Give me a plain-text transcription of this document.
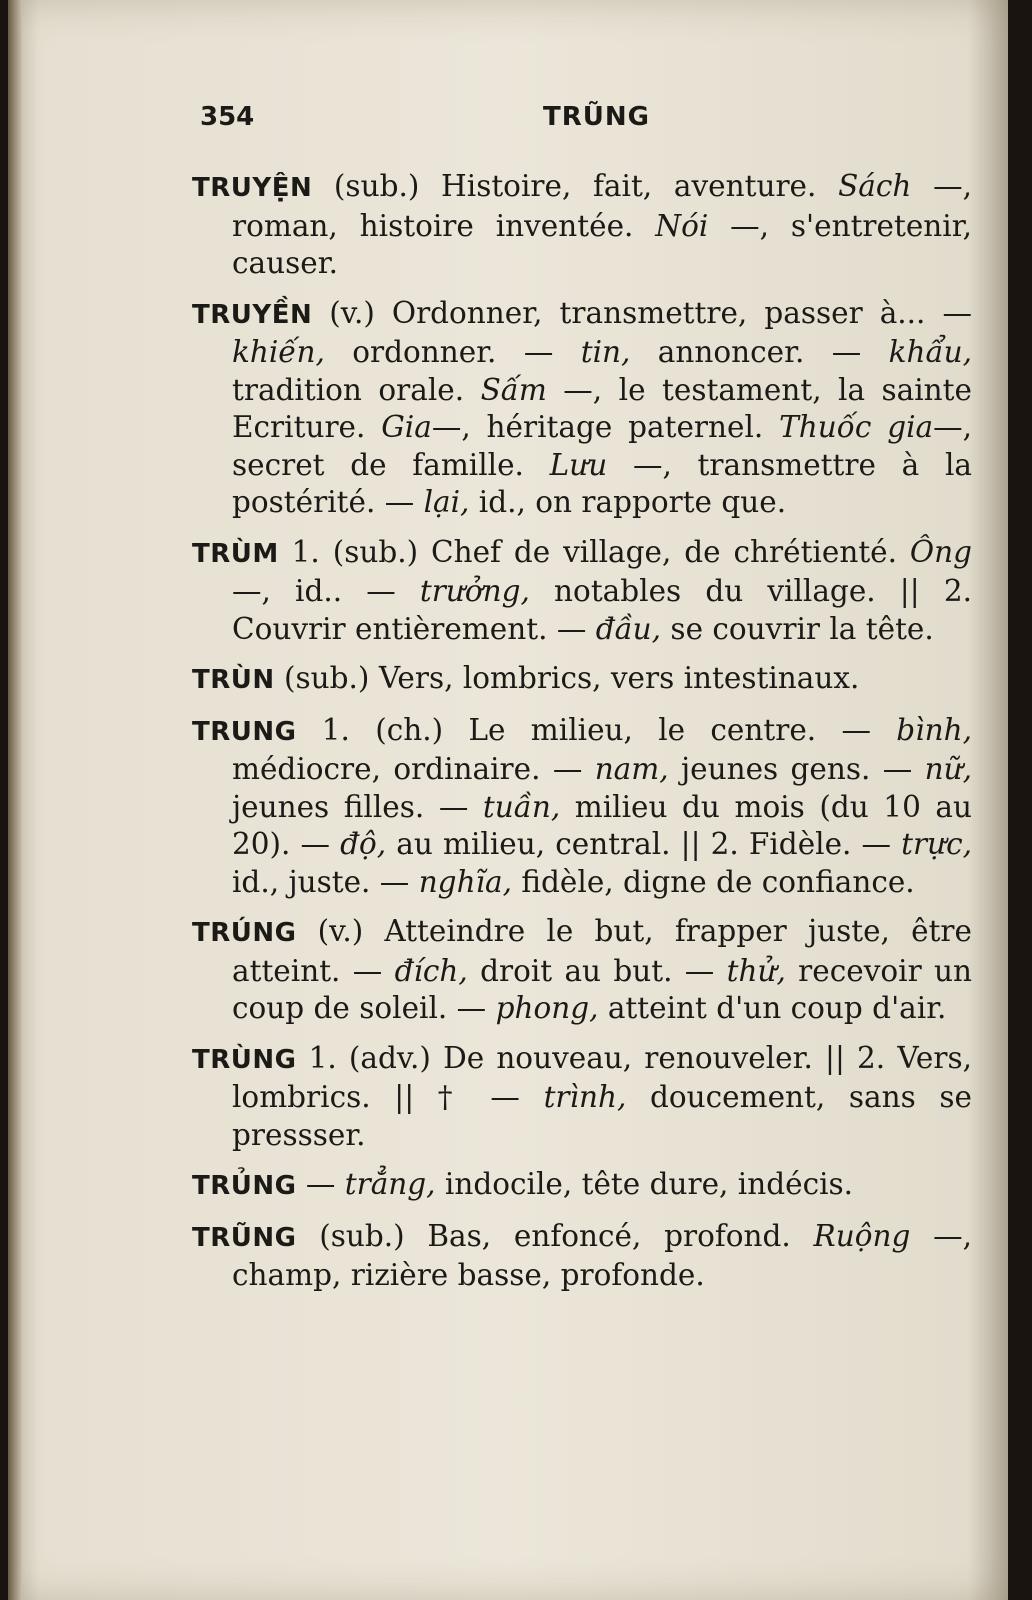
354	TRŨNG

TRUYỆN (sub.) Histoire, fait, aventure. Sách —, roman, histoire inventée. Nói —, s'entretenir, causer.

TRUYỀN (v.) Ordonner, transmettre, passer à... — khiến, ordonner. — tin, annoncer. — khẩu, tradition orale. Sấm —, le testament, la sainte Ecriture. Gia—, héritage paternel. Thuốc gia—, secret de famille. Lưu —, transmettre à la postérité. — lại, id., on rapporte que.

TRÙM 1. (sub.) Chef de village, de chrétienté. Ông —, id.. — trưởng, notables du village. || 2. Couvrir entièrement. — đầu, se couvrir la tête.

TRÙN (sub.) Vers, lombrics, vers intestinaux.

TRUNG 1. (ch.) Le milieu, le centre. — bình, médiocre, ordinaire. — nam, jeunes gens. — nữ, jeunes filles. — tuần, milieu du mois (du 10 au 20). — độ, au milieu, central. || 2. Fidèle. — trực, id., juste. — nghĩa, fidèle, digne de confiance.

TRÚNG (v.) Atteindre le but, frapper juste, être atteint. — đích, droit au but. — thử, recevoir un coup de soleil. — phong, atteint d'un coup d'air.

TRÙNG 1. (adv.) De nouveau, renouveler. || 2. Vers, lombrics. || † — trình, doucement, sans se pressser.

TRỦNG — trẳng, indocile, tête dure, indécis.

TRŨNG (sub.) Bas, enfoncé, profond. Ruộng —, champ, rizière basse, profonde.
